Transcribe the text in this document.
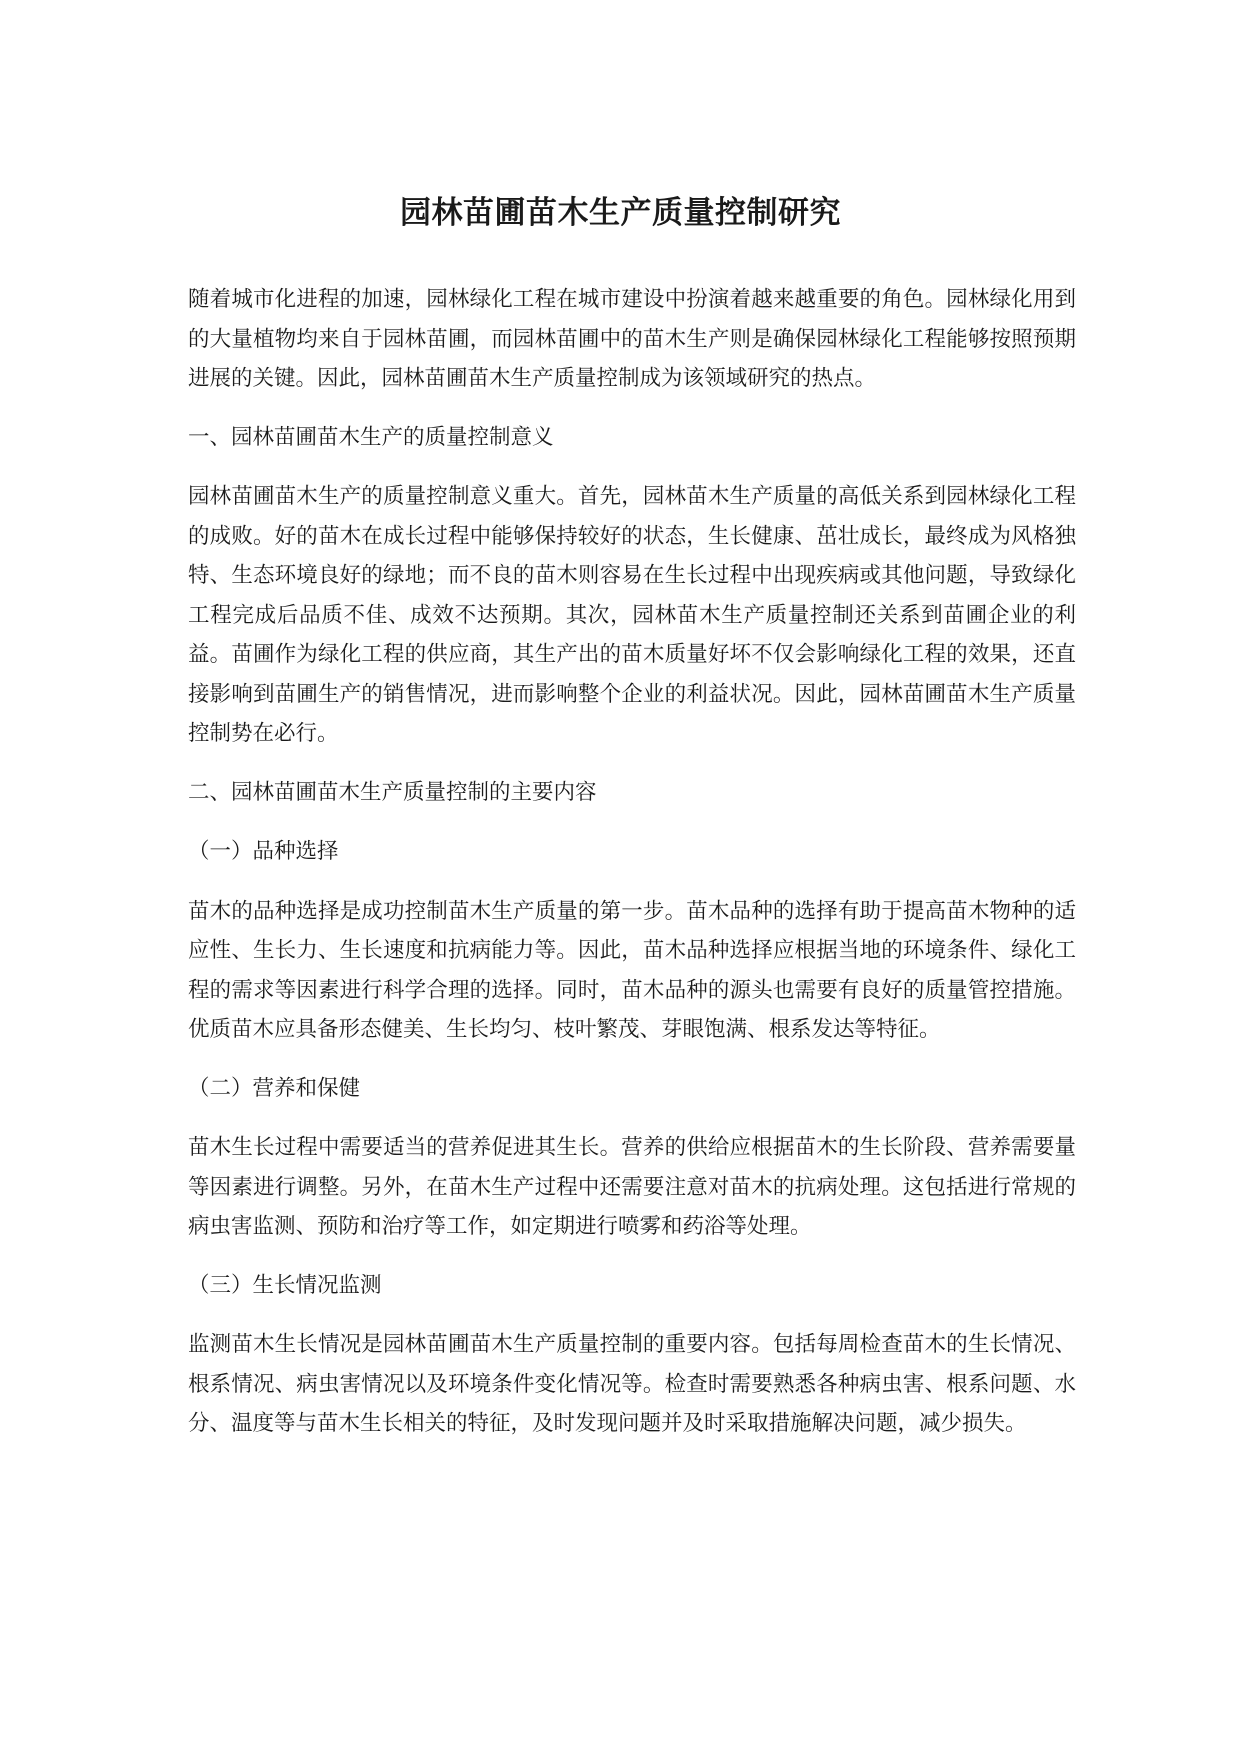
园林苗圃苗木生产质量控制研究

随着城市化进程的加速，园林绿化工程在城市建设中扮演着越来越重要的角色。园林绿化用到的大量植物均来自于园林苗圃，而园林苗圃中的苗木生产则是确保园林绿化工程能够按照预期进展的关键。因此，园林苗圃苗木生产质量控制成为该领域研究的热点。

一、园林苗圃苗木生产的质量控制意义

园林苗圃苗木生产的质量控制意义重大。首先，园林苗木生产质量的高低关系到园林绿化工程的成败。好的苗木在成长过程中能够保持较好的状态，生长健康、茁壮成长，最终成为风格独特、生态环境良好的绿地；而不良的苗木则容易在生长过程中出现疾病或其他问题，导致绿化工程完成后品质不佳、成效不达预期。其次，园林苗木生产质量控制还关系到苗圃企业的利益。苗圃作为绿化工程的供应商，其生产出的苗木质量好坏不仅会影响绿化工程的效果，还直接影响到苗圃生产的销售情况，进而影响整个企业的利益状况。因此，园林苗圃苗木生产质量控制势在必行。

二、园林苗圃苗木生产质量控制的主要内容

（一）品种选择

苗木的品种选择是成功控制苗木生产质量的第一步。苗木品种的选择有助于提高苗木物种的适应性、生长力、生长速度和抗病能力等。因此，苗木品种选择应根据当地的环境条件、绿化工程的需求等因素进行科学合理的选择。同时，苗木品种的源头也需要有良好的质量管控措施。优质苗木应具备形态健美、生长均匀、枝叶繁茂、芽眼饱满、根系发达等特征。

（二）营养和保健

苗木生长过程中需要适当的营养促进其生长。营养的供给应根据苗木的生长阶段、营养需要量等因素进行调整。另外，在苗木生产过程中还需要注意对苗木的抗病处理。这包括进行常规的病虫害监测、预防和治疗等工作，如定期进行喷雾和药浴等处理。

（三）生长情况监测

监测苗木生长情况是园林苗圃苗木生产质量控制的重要内容。包括每周检查苗木的生长情况、根系情况、病虫害情况以及环境条件变化情况等。检查时需要熟悉各种病虫害、根系问题、水分、温度等与苗木生长相关的特征，及时发现问题并及时采取措施解决问题，减少损失。
